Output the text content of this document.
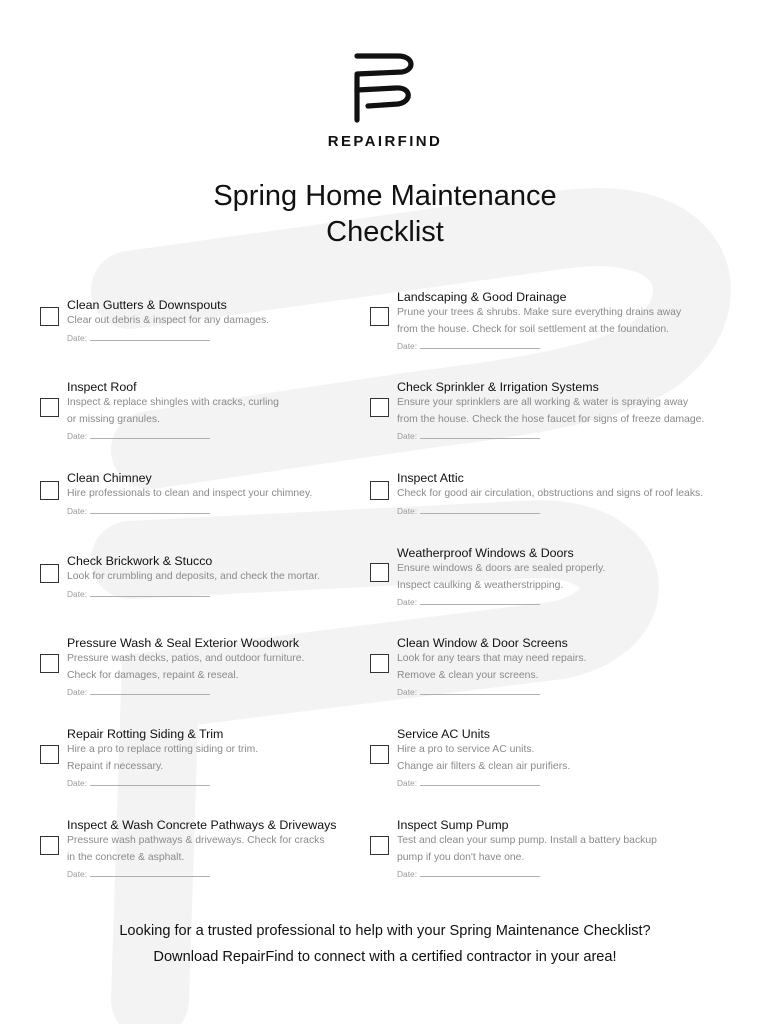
REPAIRFIND
Spring Home Maintenance
Checklist
Clean Gutters & Downspouts
Clear out debris & inspect for any damages.
Date:
Inspect Roof
Inspect & replace shingles with cracks, curling
or missing granules.
Date:
Clean Chimney
Hire professionals to clean and inspect your chimney.
Date:
Check Brickwork & Stucco
Look for crumbling and deposits, and check the mortar.
Date:
Pressure Wash & Seal Exterior Woodwork
Pressure wash decks, patios, and outdoor furniture.
Check for damages, repaint & reseal.
Date:
Repair Rotting Siding & Trim
Hire a pro to replace rotting siding or trim.
Repaint if necessary.
Date:
Inspect & Wash Concrete Pathways & Driveways
Pressure wash pathways & driveways. Check for cracks
in the concrete & asphalt.
Date:
Landscaping & Good Drainage
Prune your trees & shrubs. Make sure everything drains away
from the house. Check for soil settlement at the foundation.
Date:
Check Sprinkler & Irrigation Systems
Ensure your sprinklers are all working & water is spraying away
from the house. Check the hose faucet for signs of freeze damage.
Date:
Inspect Attic
Check for good air circulation, obstructions and signs of roof leaks.
Date:
Weatherproof Windows & Doors
Ensure windows & doors are sealed properly.
Inspect caulking & weatherstripping.
Date:
Clean Window & Door Screens
Look for any tears that may need repairs.
Remove & clean your screens.
Date:
Service AC Units
Hire a pro to service AC units.
Change air filters & clean air purifiers.
Date:
Inspect Sump Pump
Test and clean your sump pump. Install a battery backup
pump if you don't have one.
Date:
Looking for a trusted professional to help with your Spring Maintenance Checklist?
Download RepairFind to connect with a certified contractor in your area!
